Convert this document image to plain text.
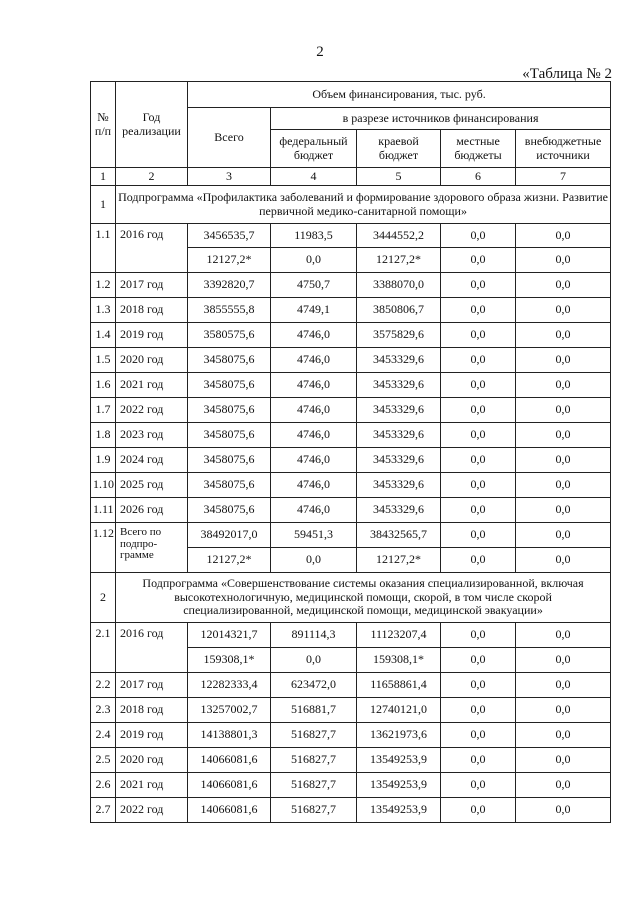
2
«Таблица № 2
№ п/п	Год реализации	Объем финансирования, тыс. руб.				
		Всего	в разрезе источников финансирования			
			федеральный бюджет	краевой бюджет	местные бюджеты	внебюджетные источники
1	2	3	4	5	6	7
1	Подпрограмма «Профилактика заболеваний и формирование здорового образа жизни. Развитие первичной медико-санитарной помощи»					
1.1	2016 год	3456535,7	11983,5	3444552,2	0,0	0,0
		12127,2*	0,0	12127,2*	0,0	0,0
1.2	2017 год	3392820,7	4750,7	3388070,0	0,0	0,0
1.3	2018 год	3855555,8	4749,1	3850806,7	0,0	0,0
1.4	2019 год	3580575,6	4746,0	3575829,6	0,0	0,0
1.5	2020 год	3458075,6	4746,0	3453329,6	0,0	0,0
1.6	2021 год	3458075,6	4746,0	3453329,6	0,0	0,0
1.7	2022 год	3458075,6	4746,0	3453329,6	0,0	0,0
1.8	2023 год	3458075,6	4746,0	3453329,6	0,0	0,0
1.9	2024 год	3458075,6	4746,0	3453329,6	0,0	0,0
1.10	2025 год	3458075,6	4746,0	3453329,6	0,0	0,0
1.11	2026 год	3458075,6	4746,0	3453329,6	0,0	0,0
1.12	Всего по подпро- грамме	38492017,0	59451,3	38432565,7	0,0	0,0
		12127,2*	0,0	12127,2*	0,0	0,0
2	Подпрограмма «Совершенствование системы оказания специализированной, включая высокотехнологичную, медицинской помощи, скорой, в том числе скорой специализированной, медицинской помощи, медицинской эвакуации»					
2.1	2016 год	12014321,7	891114,3	11123207,4	0,0	0,0
		159308,1*	0,0	159308,1*	0,0	0,0
2.2	2017 год	12282333,4	623472,0	11658861,4	0,0	0,0
2.3	2018 год	13257002,7	516881,7	12740121,0	0,0	0,0
2.4	2019 год	14138801,3	516827,7	13621973,6	0,0	0,0
2.5	2020 год	14066081,6	516827,7	13549253,9	0,0	0,0
2.6	2021 год	14066081,6	516827,7	13549253,9	0,0	0,0
2.7	2022 год	14066081,6	516827,7	13549253,9	0,0	0,0
